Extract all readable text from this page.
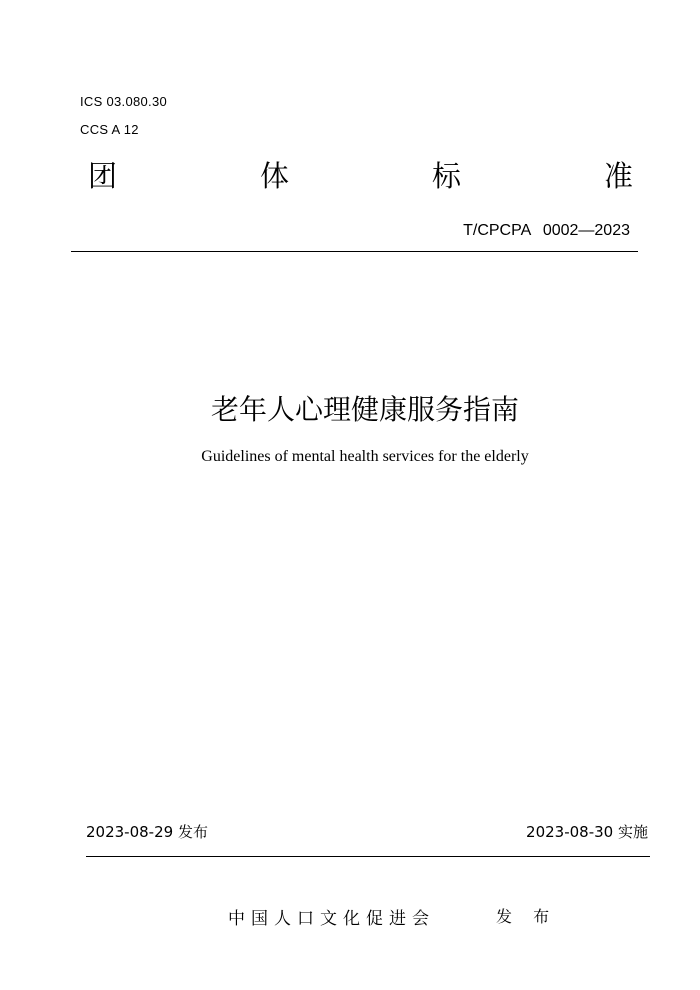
ICS 03.080.30
CCS A 12
团	体	标	准
T/CPCPA 0002—2023
老年人心理健康服务指南
Guidelines of mental health services for the elderly
2023-08-29 发布	2023-08-30 实施
中国人口文化促进会	发 布
